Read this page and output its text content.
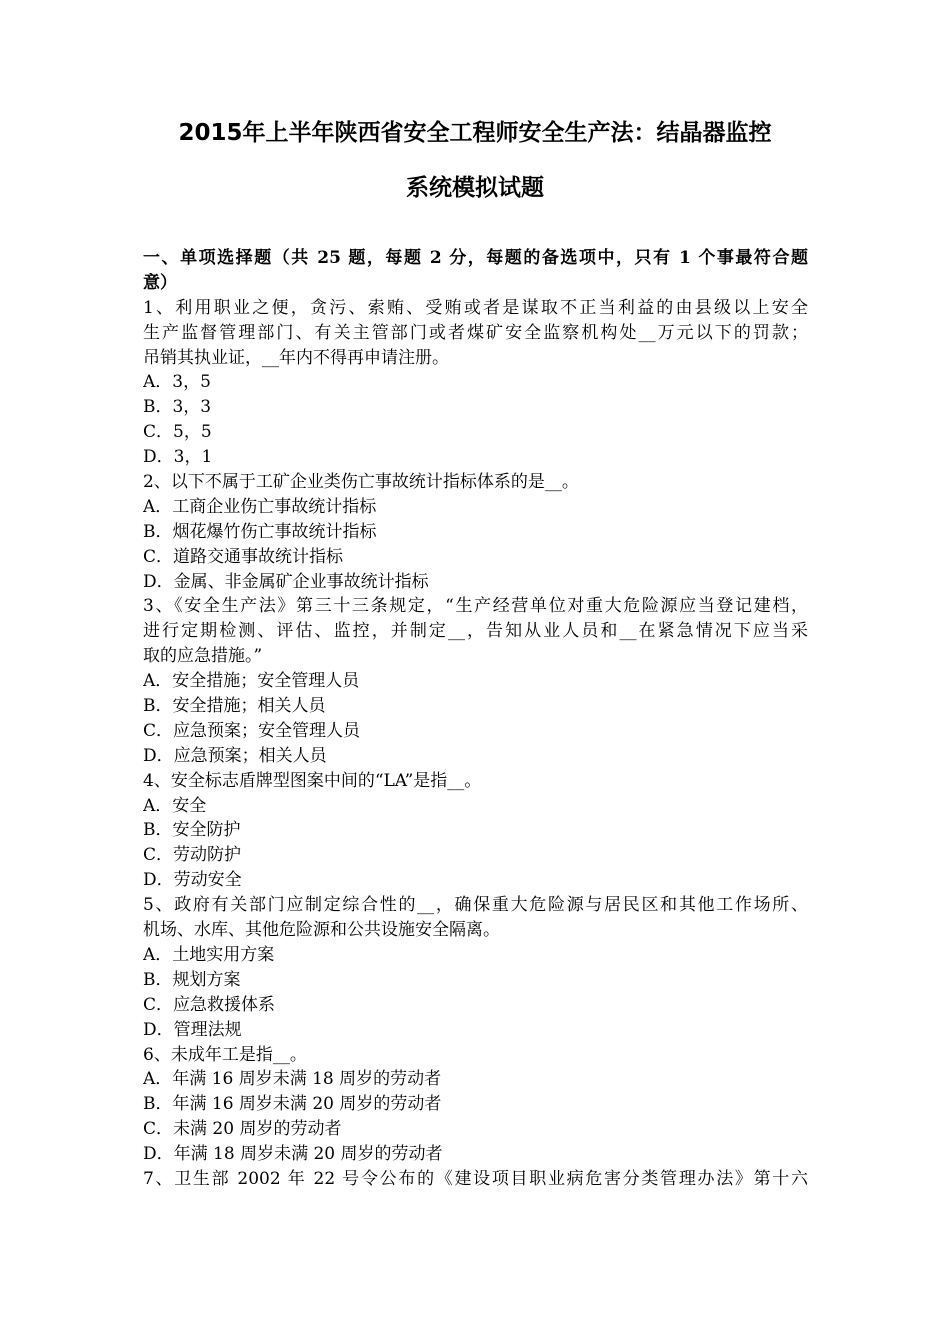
2015年上半年陕西省安全工程师安全生产法：结晶器监控
系统模拟试题
一、单项选择题（共 25 题，每题 2 分，每题的备选项中，只有 1 个事最符合题
意）
1、利用职业之便，贪污、索贿、受贿或者是谋取不正当利益的由县级以上安全
生产监督管理部门、有关主管部门或者煤矿安全监察机构处__万元以下的罚款；
吊销其执业证，__年内不得再申请注册。
A．3，5
B．3，3
C．5，5
D．3，1
2、以下不属于工矿企业类伤亡事故统计指标体系的是__。
A．工商企业伤亡事故统计指标
B．烟花爆竹伤亡事故统计指标
C．道路交通事故统计指标
D．金属、非金属矿企业事故统计指标
3、《安全生产法》第三十三条规定，“生产经营单位对重大危险源应当登记建档，
进行定期检测、评估、监控，并制定__，告知从业人员和__在紧急情况下应当采
取的应急措施。”
A．安全措施；安全管理人员
B．安全措施；相关人员
C．应急预案；安全管理人员
D．应急预案；相关人员
4、安全标志盾牌型图案中间的“LA”是指__。
A．安全
B．安全防护
C．劳动防护
D．劳动安全
5、政府有关部门应制定综合性的__，确保重大危险源与居民区和其他工作场所、
机场、水库、其他危险源和公共设施安全隔离。
A．土地实用方案
B．规划方案
C．应急救援体系
D．管理法规
6、未成年工是指__。
A．年满 16 周岁未满 18 周岁的劳动者
B．年满 16 周岁未满 20 周岁的劳动者
C．未满 20 周岁的劳动者
D．年满 18 周岁未满 20 周岁的劳动者
7、卫生部 2002 年 22 号令公布的《建设项目职业病危害分类管理办法》第十六
